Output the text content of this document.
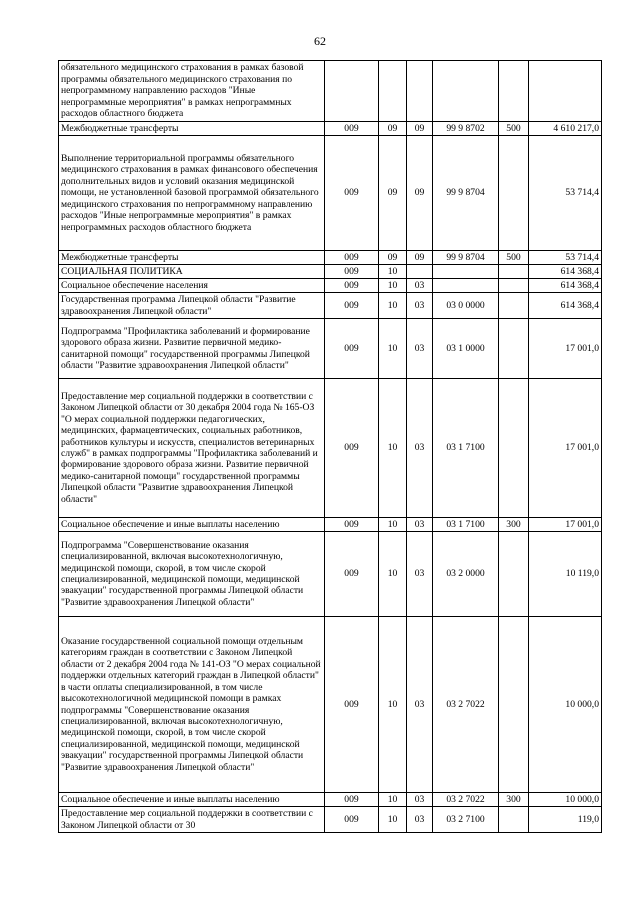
62
обязательного медицинского страхования в рамках базовой программы обязательного медицинского страхования по непрограммному направлению расходов "Иные непрограммные мероприятия" в рамках непрограммных расходов областного бюджета						
Межбюджетные трансферты	009	09	09	99 9 8702	500	4 610 217,0
Выполнение территориальной программы обязательного медицинского страхования в рамках финансового обеспечения дополнительных видов и условий оказания медицинской помощи, не установленной базовой программой обязательного медицинского страхования по непрограммному направлению расходов "Иные непрограммные мероприятия" в рамках непрограммных расходов областного бюджета	009	09	09	99 9 8704		53 714,4
Межбюджетные трансферты	009	09	09	99 9 8704	500	53 714,4
СОЦИАЛЬНАЯ ПОЛИТИКА	009	10				614 368,4
Социальное обеспечение населения	009	10	03			614 368,4
Государственная программа Липецкой области "Развитие здравоохранения Липецкой области"	009	10	03	03 0 0000		614 368,4
Подпрограмма "Профилактика заболеваний и формирование здорового образа жизни. Развитие первичной медико-санитарной помощи" государственной программы Липецкой области "Развитие здравоохранения Липецкой области"	009	10	03	03 1 0000		17 001,0
Предоставление мер социальной поддержки в соответствии с Законом Липецкой области от 30 декабря 2004 года № 165-ОЗ "О мерах социальной поддержки педагогических, медицинских, фармацевтических, социальных работников, работников культуры и искусств, специалистов ветеринарных служб" в рамках подпрограммы "Профилактика заболеваний и формирование здорового образа жизни. Развитие первичной медико-санитарной помощи" государственной программы Липецкой области "Развитие здравоохранения Липецкой области"	009	10	03	03 1 7100		17 001,0
Социальное обеспечение и иные выплаты населению	009	10	03	03 1 7100	300	17 001,0
Подпрограмма "Совершенствование оказания специализированной, включая высокотехнологичную, медицинской помощи, скорой, в том числе скорой специализированной, медицинской помощи, медицинской эвакуации" государственной программы Липецкой области "Развитие здравоохранения Липецкой области"	009	10	03	03 2 0000		10 119,0
Оказание государственной социальной помощи отдельным категориям граждан в соответствии с Законом Липецкой области от 2 декабря 2004 года № 141-ОЗ "О мерах социальной поддержки отдельных категорий граждан в Липецкой области" в части оплаты специализированной, в том числе высокотехнологичной медицинской помощи в рамках подпрограммы "Совершенствование оказания специализированной, включая высокотехнологичную, медицинской помощи, скорой, в том числе скорой специализированной, медицинской помощи, медицинской эвакуации" государственной программы Липецкой области "Развитие здравоохранения Липецкой области"	009	10	03	03 2 7022		10 000,0
Социальное обеспечение и иные выплаты населению	009	10	03	03 2 7022	300	10 000,0
Предоставление мер социальной поддержки в соответствии с Законом Липецкой области от 30	009	10	03	03 2 7100		119,0
